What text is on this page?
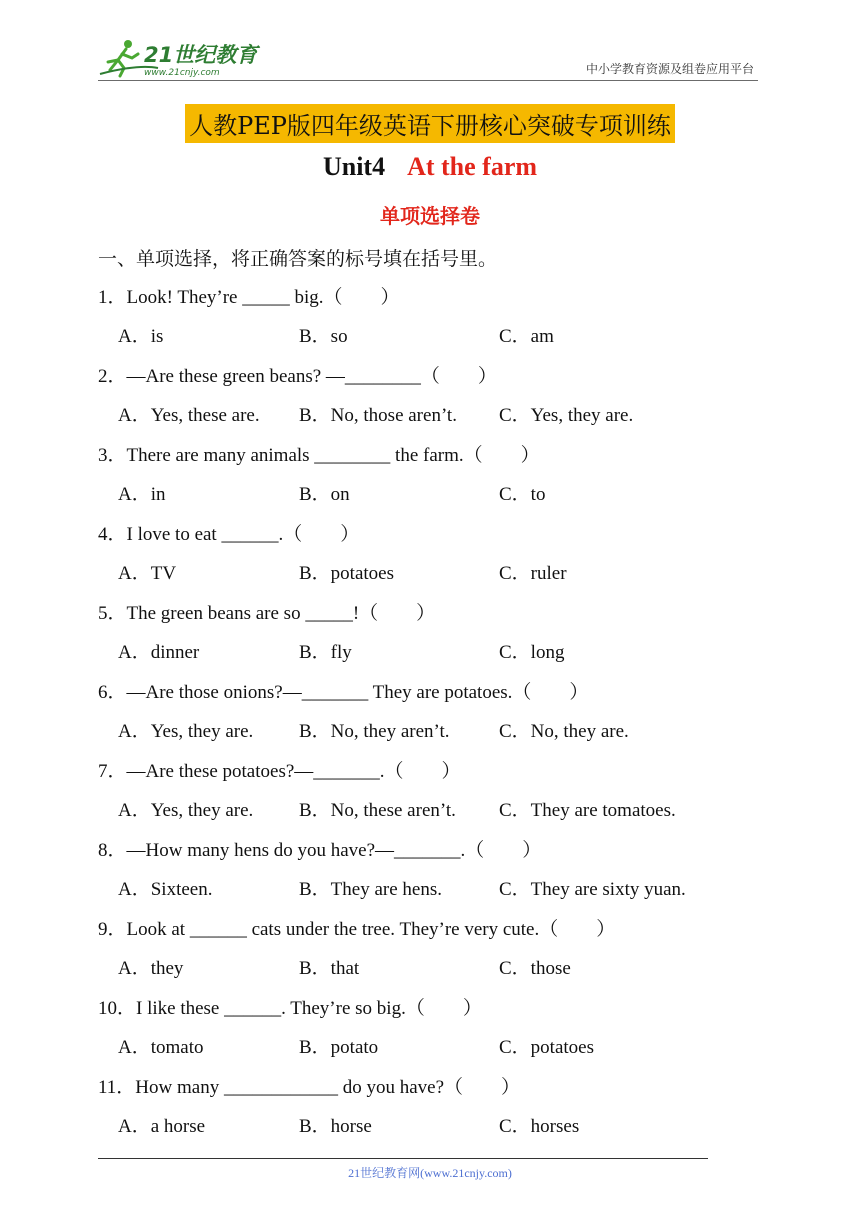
21世纪教育
www.21cnjy.com	中小学教育资源及组卷应用平台
人教PEP版四年级英语下册核心突破专项训练
Unit4 At the farm
单项选择卷
一、单项选择，将正确答案的标号填在括号里。
1．Look! They’re _____ big.（　　）
A．is	B．so	C．am
2．—Are these green beans? —________（　　）
A．Yes, these are. B．No, those aren’t. C．Yes, they are.
3．There are many animals ________ the farm.（　　）
A．in	B．on	C．to
4．I love to eat ______.（　　）
A．TV	B．potatoes	C．ruler
5．The green beans are so _____!（　　）
A．dinner	B．fly	C．long
6．—Are those onions?—_______ They are potatoes.（　　）
A．Yes, they are. B．No, they aren’t.	C．No, they are.
7．—Are these potatoes?—_______.（　　）
A．Yes, they are. B．No, these aren’t. C．They are tomatoes.
8．—How many hens do you have?—_______.（　　）
A．Sixteen.	B．They are hens.	C．They are sixty yuan.
9．Look at ______ cats under the tree. They’re very cute.（　　）
A．they	B．that	C．those
10．I like these ______. They’re so big.（　　）
A．tomato	B．potato	C．potatoes
11．How many ____________ do you have?（　　）
A．a horse	B．horse	C．horses
21世纪教育网(www.21cnjy.com)
